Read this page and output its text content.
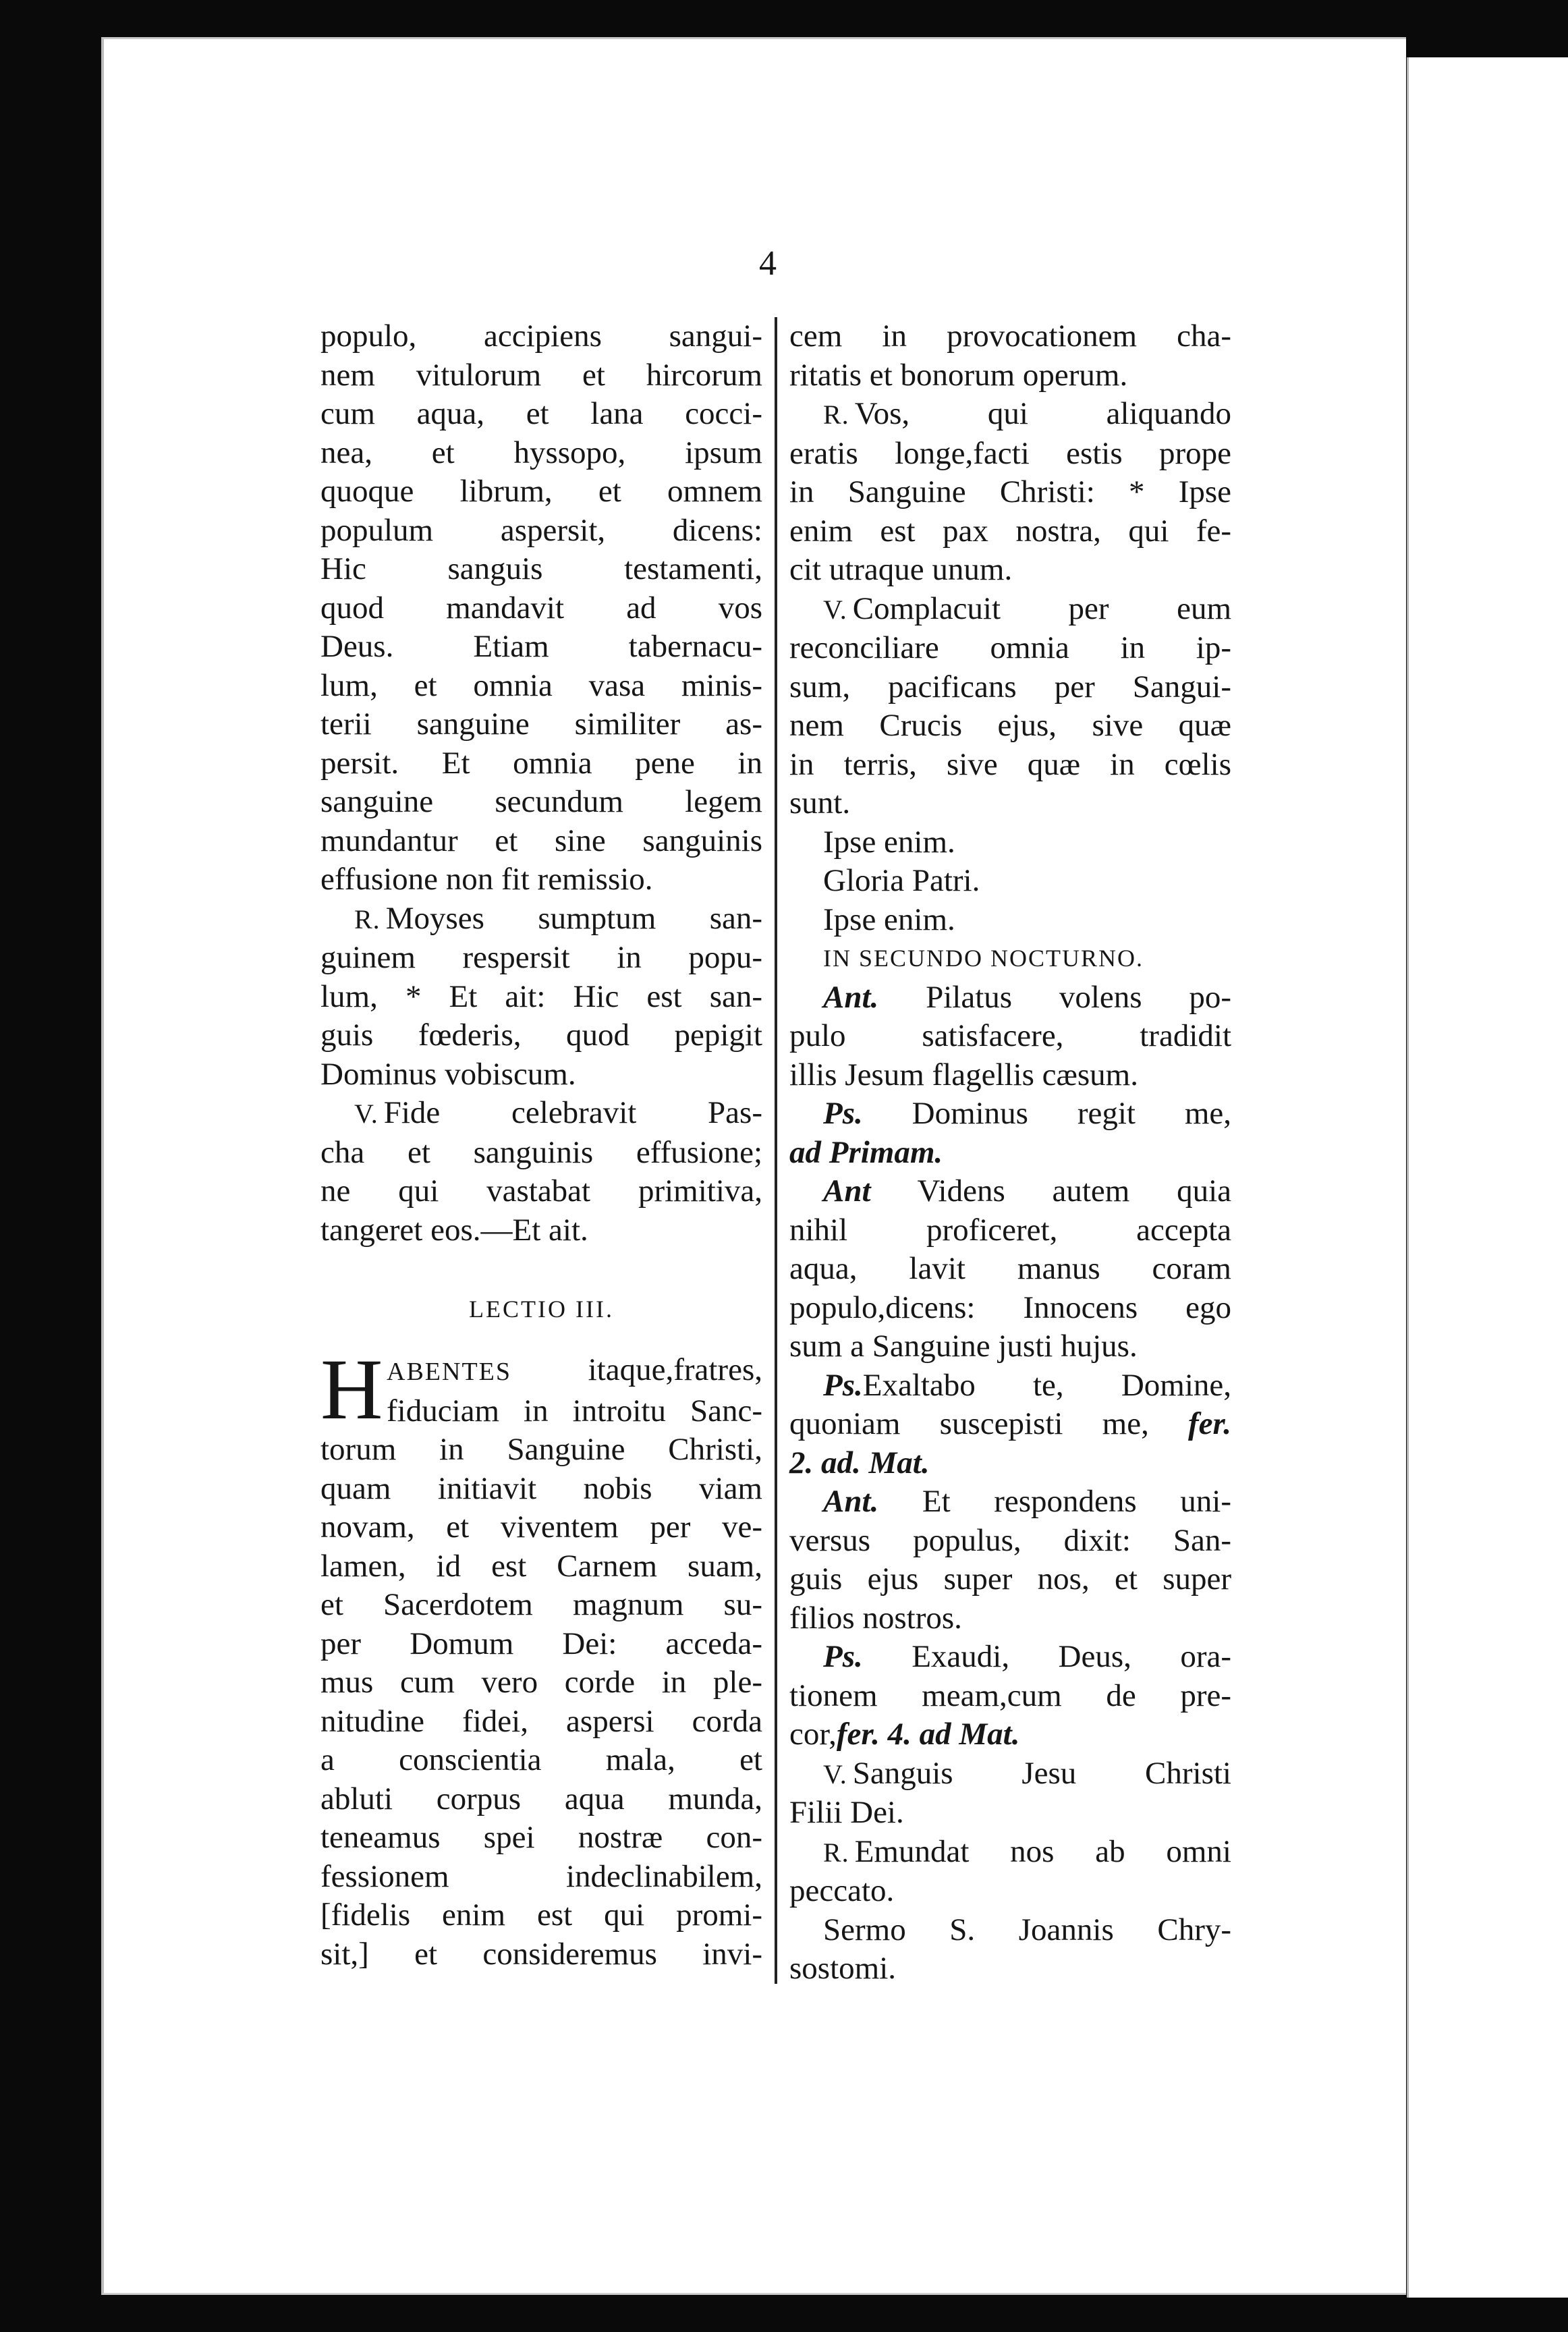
4
populo, accipiens sangui-
nem vitulorum et hircorum
cum aqua, et lana cocci-
nea, et hyssopo, ipsum
quoque librum, et omnem
populum aspersit, dicens:
Hic sanguis testamenti,
quod mandavit ad vos
Deus. Etiam tabernacu-
lum, et omnia vasa minis-
terii sanguine similiter as-
persit. Et omnia pene in
sanguine secundum legem
mundantur et sine sanguinis
effusione non fit remissio.
R. Moyses sumptum san-
guinem respersit in popu-
lum, * Et ait: Hic est san-
guis fœderis, quod pepigit
Dominus vobiscum.
V. Fide celebravit Pas-
cha et sanguinis effusione;
ne qui vastabat primitiva,
tangeret eos.—Et ait.
LECTIO III.
H ABENTES itaque,fratres,
fiduciam in introitu Sanc-
torum in Sanguine Christi,
quam initiavit nobis viam
novam, et viventem per ve-
lamen, id est Carnem suam,
et Sacerdotem magnum su-
per Domum Dei: acceda-
mus cum vero corde in ple-
nitudine fidei, aspersi corda
a conscientia mala, et
abluti corpus aqua munda,
teneamus spei nostræ con-
fessionem indeclinabilem,
[fidelis enim est qui promi-
sit,] et consideremus invi-
cem in provocationem cha-
ritatis et bonorum operum.
R. Vos, qui aliquando
eratis longe,facti estis prope
in Sanguine Christi: * Ipse
enim est pax nostra, qui fe-
cit utraque unum.
V. Complacuit per eum
reconciliare omnia in ip-
sum, pacificans per Sangui-
nem Crucis ejus, sive quæ
in terris, sive quæ in cœlis
sunt.
Ipse enim.
Gloria Patri.
Ipse enim.
IN SECUNDO NOCTURNO.
Ant. Pilatus volens po-
pulo satisfacere, tradidit
illis Jesum flagellis cæsum.
Ps. Dominus regit me,
ad Primam.
Ant Videns autem quia
nihil proficeret, accepta
aqua, lavit manus coram
populo,dicens: Innocens ego
sum a Sanguine justi hujus.
Ps.Exaltabo te, Domine,
quoniam suscepisti me, fer.
2. ad. Mat.
Ant. Et respondens uni-
versus populus, dixit: San-
guis ejus super nos, et super
filios nostros.
Ps. Exaudi, Deus, ora-
tionem meam,cum de pre-
cor,fer. 4. ad Mat.
V. Sanguis Jesu Christi
Filii Dei.
R. Emundat nos ab omni
peccato.
Sermo S. Joannis Chry-
sostomi.
